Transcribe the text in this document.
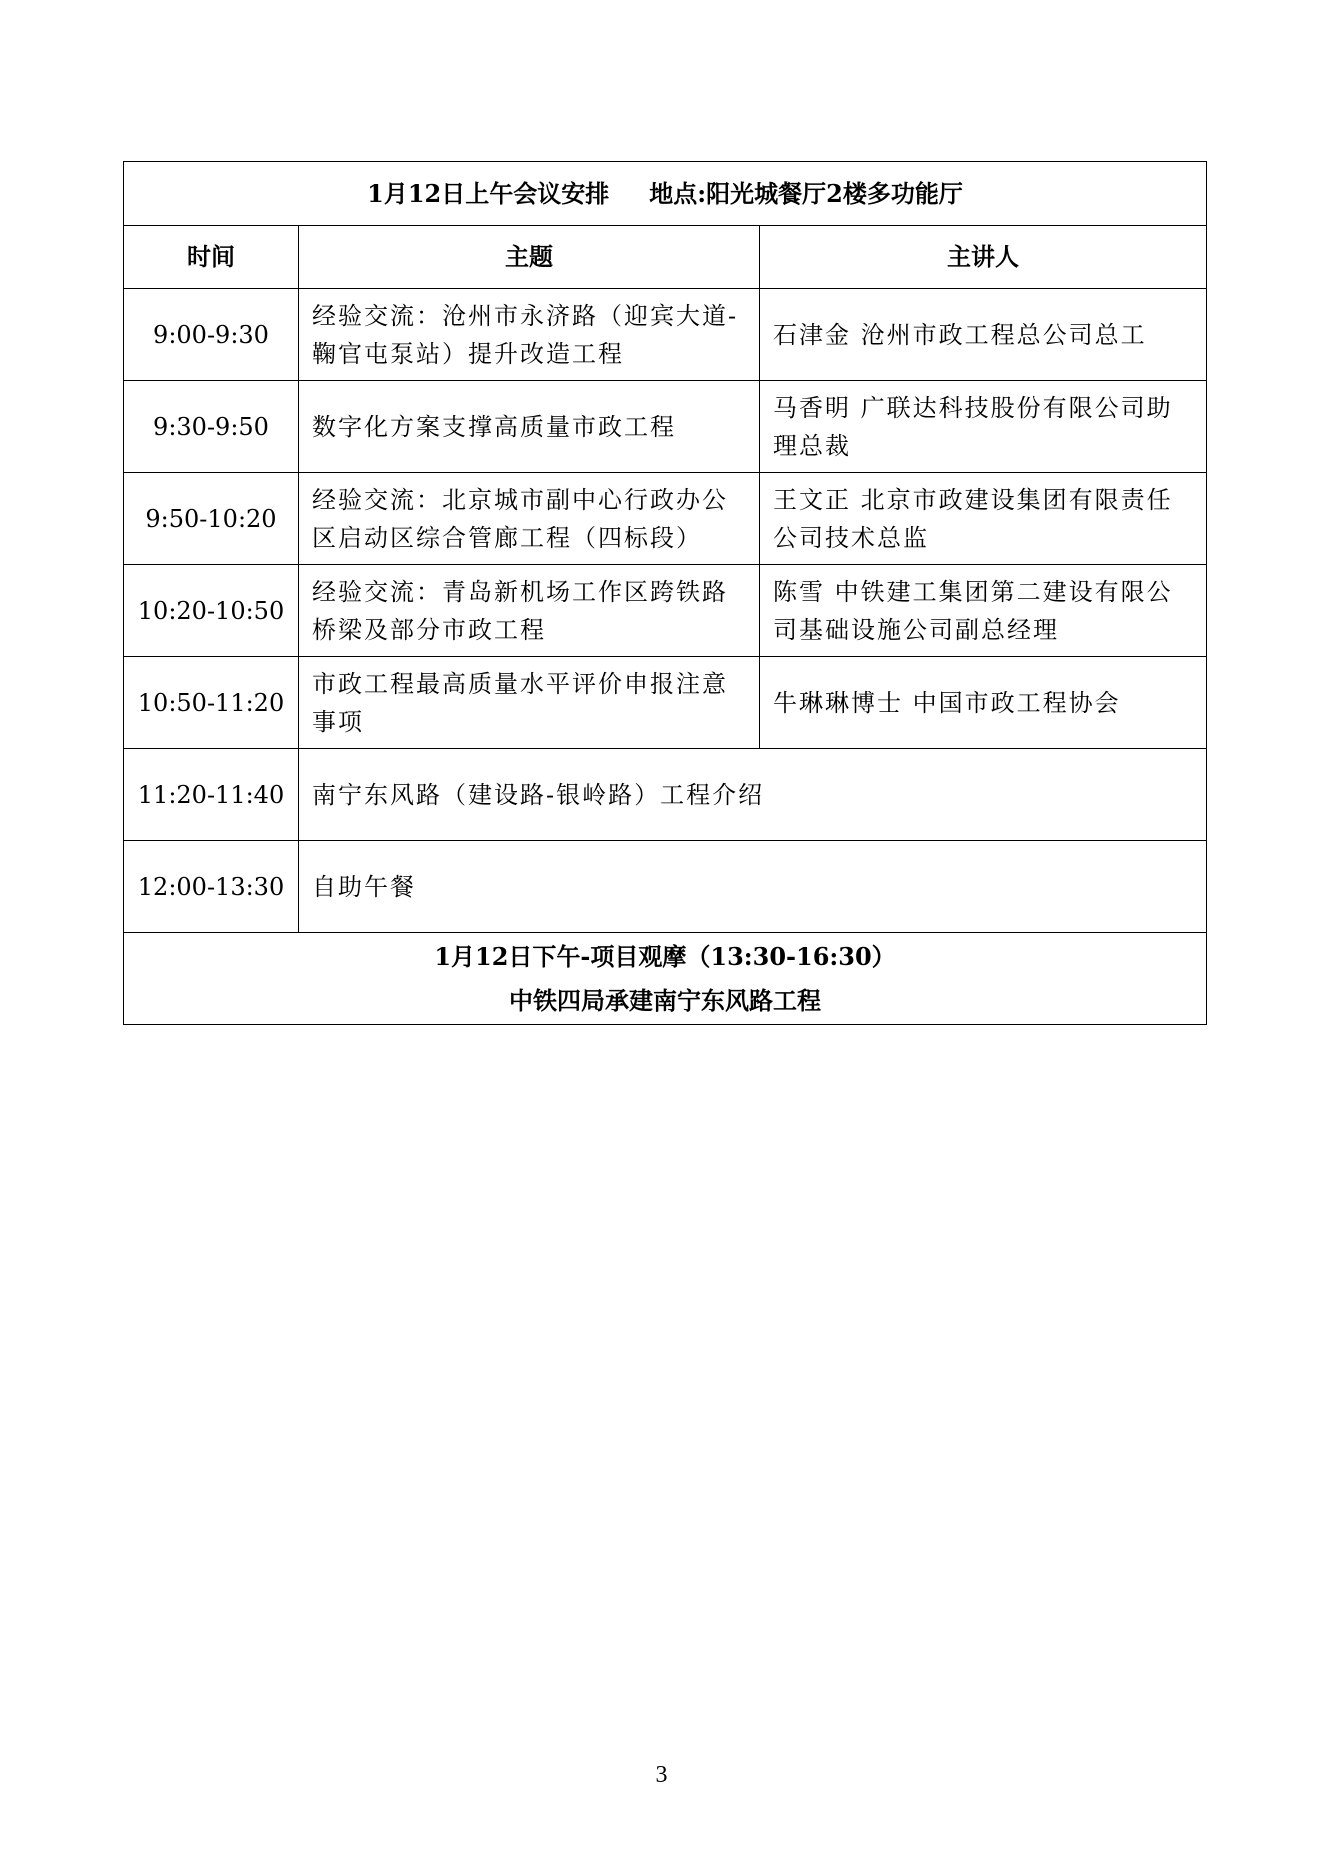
1月12日上午会议安排 地点:阳光城餐厅2楼多功能厅		
时间	主题	主讲人
9:00-9:30	经验交流：沧州市永济路（迎宾大道-鞠官屯泵站）提升改造工程	石津金 沧州市政工程总公司总工
9:30-9:50	数字化方案支撑高质量市政工程	马香明 广联达科技股份有限公司助理总裁
9:50-10:20	经验交流：北京城市副中心行政办公区启动区综合管廊工程（四标段）	王文正 北京市政建设集团有限责任公司技术总监
10:20-10:50	经验交流：青岛新机场工作区跨铁路桥梁及部分市政工程	陈雪 中铁建工集团第二建设有限公司基础设施公司副总经理
10:50-11:20	市政工程最高质量水平评价申报注意事项	牛琳琳博士 中国市政工程协会
11:20-11:40	南宁东风路（建设路-银岭路）工程介绍	
12:00-13:30	自助午餐	

1月12日下午-项目观摩（13:30-16:30）
中铁四局承建南宁东风路工程		
3
